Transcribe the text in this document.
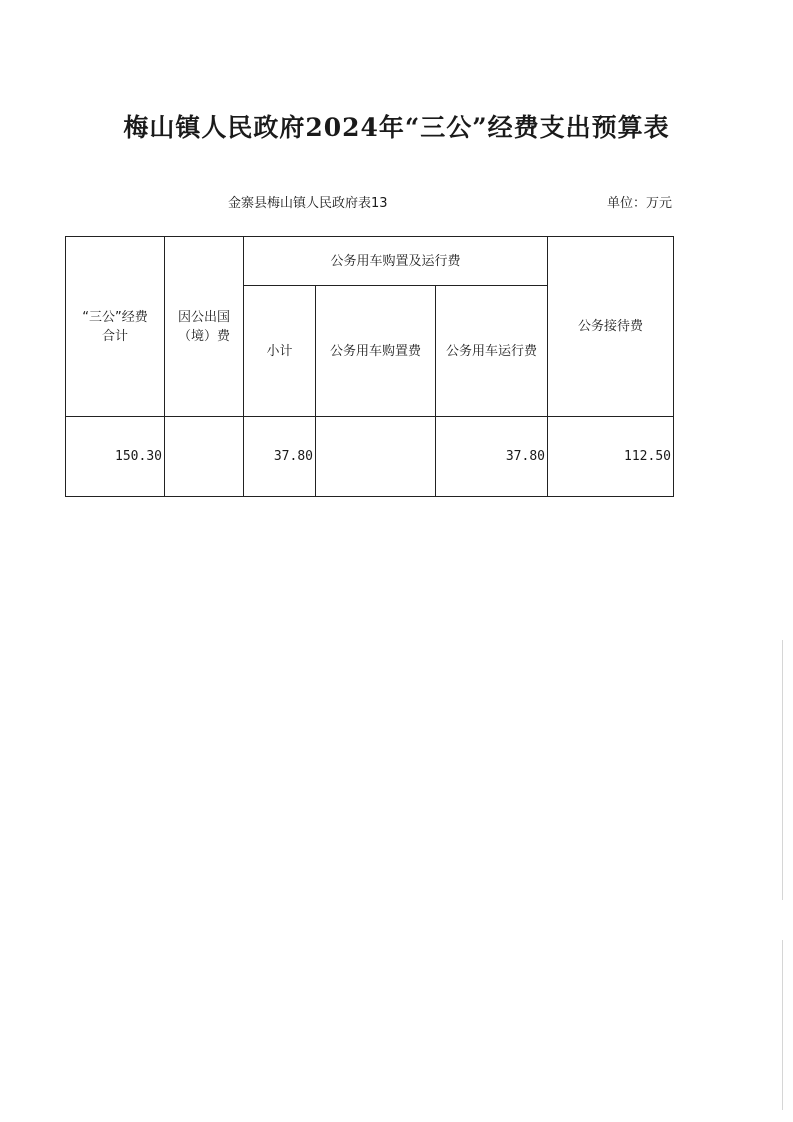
梅山镇人民政府2024年“三公”经费支出预算表
金寨县梅山镇人民政府表13	单位：万元
“三公”经费合计	因公出国（境）费	公务用车购置及运行费			公务接待费
		小计	公务用车购置费	公务用车运行费	
150.30		37.80		37.80	112.50
